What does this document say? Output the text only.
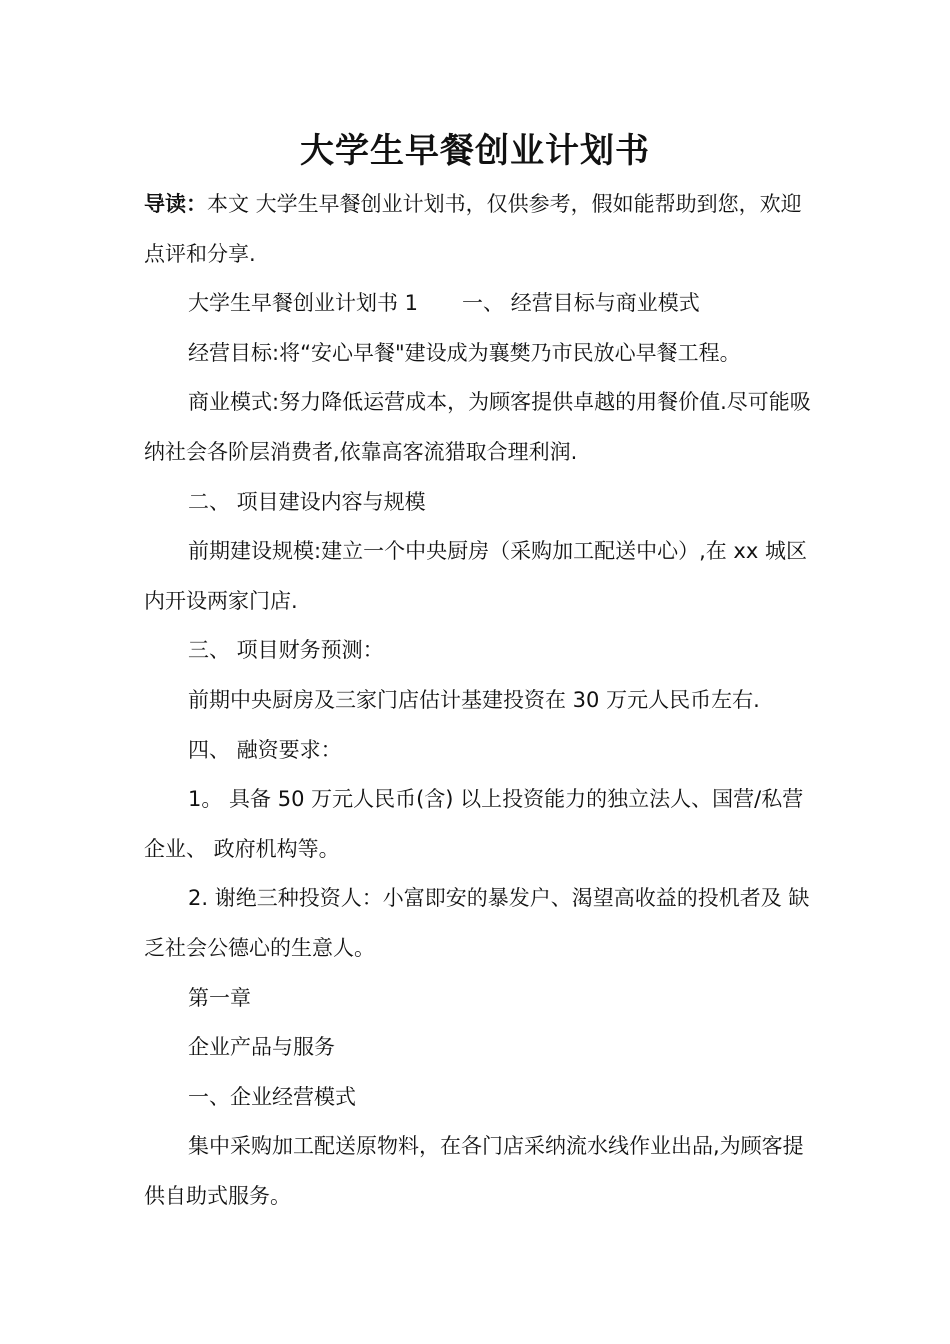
大学生早餐创业计划书

导读：本文 大学生早餐创业计划书，仅供参考，假如能帮助到您，欢迎点评和分享.

大学生早餐创业计划书 1 一、 经营目标与商业模式

经营目标:将“安心早餐"建设成为襄樊乃市民放心早餐工程。

商业模式:努力降低运营成本，为顾客提供卓越的用餐价值.尽可能吸纳社会各阶层消费者,依靠高客流猎取合理利润.

二、 项目建设内容与规模

前期建设规模:建立一个中央厨房（采购加工配送中心）,在 xx 城区内开设两家门店.

三、 项目财务预测：

前期中央厨房及三家门店估计基建投资在 30 万元人民币左右.

四、 融资要求：

1。 具备 50 万元人民币(含) 以上投资能力的独立法人、国营/私营企业、 政府机构等。

2. 谢绝三种投资人：小富即安的暴发户、渴望高收益的投机者及 缺乏社会公德心的生意人。

第一章

企业产品与服务

一、企业经营模式

集中采购加工配送原物料，在各门店采纳流水线作业出品,为顾客提供自助式服务。
